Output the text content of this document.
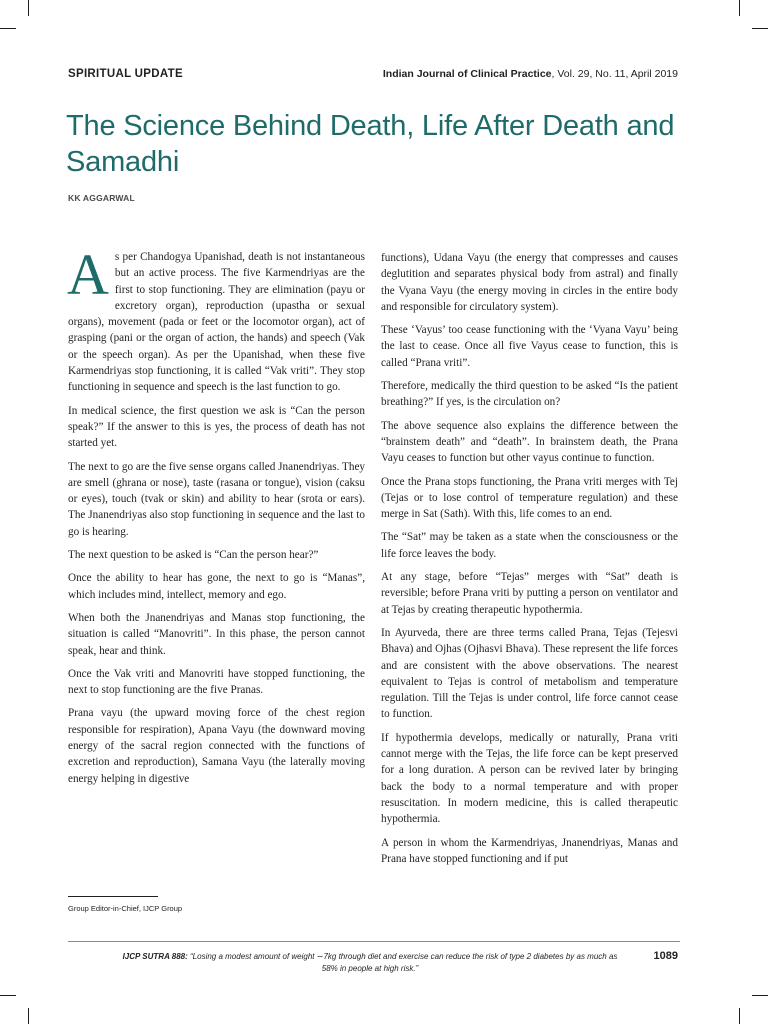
SPIRITUAL UPDATE	Indian Journal of Clinical Practice, Vol. 29, No. 11, April 2019
The Science Behind Death, Life After Death and Samadhi
KK AGGARWAL

As per Chandogya Upanishad, death is not instantaneous but an active process. The five Karmendriyas are the first to stop functioning. They are elimination (payu or excretory organ), reproduction (upastha or sexual organs), movement (pada or feet or the locomotor organ), act of grasping (pani or the organ of action, the hands) and speech (Vak or the speech organ). As per the Upanishad, when these five Karmendriyas stop functioning, it is called “Vak vriti”. They stop functioning in sequence and speech is the last function to go.

In medical science, the first question we ask is “Can the person speak?” If the answer to this is yes, the process of death has not started yet.

The next to go are the five sense organs called Jnanendriyas. They are smell (ghrana or nose), taste (rasana or tongue), vision (caksu or eyes), touch (tvak or skin) and ability to hear (srota or ears). The Jnanendriyas also stop functioning in sequence and the last to go is hearing.

The next question to be asked is “Can the person hear?”

Once the ability to hear has gone, the next to go is “Manas”, which includes mind, intellect, memory and ego.

When both the Jnanendriyas and Manas stop functioning, the situation is called “Manovriti”. In this phase, the person cannot speak, hear and think.

Once the Vak vriti and Manovriti have stopped functioning, the next to stop functioning are the five Pranas.

Prana vayu (the upward moving force of the chest region responsible for respiration), Apana Vayu (the downward moving energy of the sacral region connected with the functions of excretion and reproduction), Samana Vayu (the laterally moving energy helping in digestive

functions), Udana Vayu (the energy that compresses and causes deglutition and separates physical body from astral) and finally the Vyana Vayu (the energy moving in circles in the entire body and responsible for circulatory system).

These ‘Vayus’ too cease functioning with the ‘Vyana Vayu’ being the last to cease. Once all five Vayus cease to function, this is called “Prana vriti”.

Therefore, medically the third question to be asked “Is the patient breathing?” If yes, is the circulation on?

The above sequence also explains the difference between the “brainstem death” and “death”. In brainstem death, the Prana Vayu ceases to function but other vayus continue to function.

Once the Prana stops functioning, the Prana vriti merges with Tej (Tejas or to lose control of temperature regulation) and these merge in Sat (Sath). With this, life comes to an end.

The “Sat” may be taken as a state when the consciousness or the life force leaves the body.

At any stage, before “Tejas” merges with “Sat” death is reversible; before Prana vriti by putting a person on ventilator and at Tejas by creating therapeutic hypothermia.

In Ayurveda, there are three terms called Prana, Tejas (Tejesvi Bhava) and Ojhas (Ojhasvi Bhava). These represent the life forces and are consistent with the above observations. The nearest equivalent to Tejas is control of metabolism and temperature regulation. Till the Tejas is under control, life force cannot cease to function.

If hypothermia develops, medically or naturally, Prana vriti cannot merge with the Tejas, the life force can be kept preserved for a long duration. A person can be revived later by bringing back the body to a normal temperature and with proper resuscitation. In modern medicine, this is called therapeutic hypothermia.

A person in whom the Karmendriyas, Jnanendriyas, Manas and Prana have stopped functioning and if put

Group Editor-in-Chief, IJCP Group
IJCP SUTRA 888: “Losing a modest amount of weight ∼7kg through diet and exercise can reduce the risk of type 2 diabetes by as much as 58% in people at high risk.”
1089
